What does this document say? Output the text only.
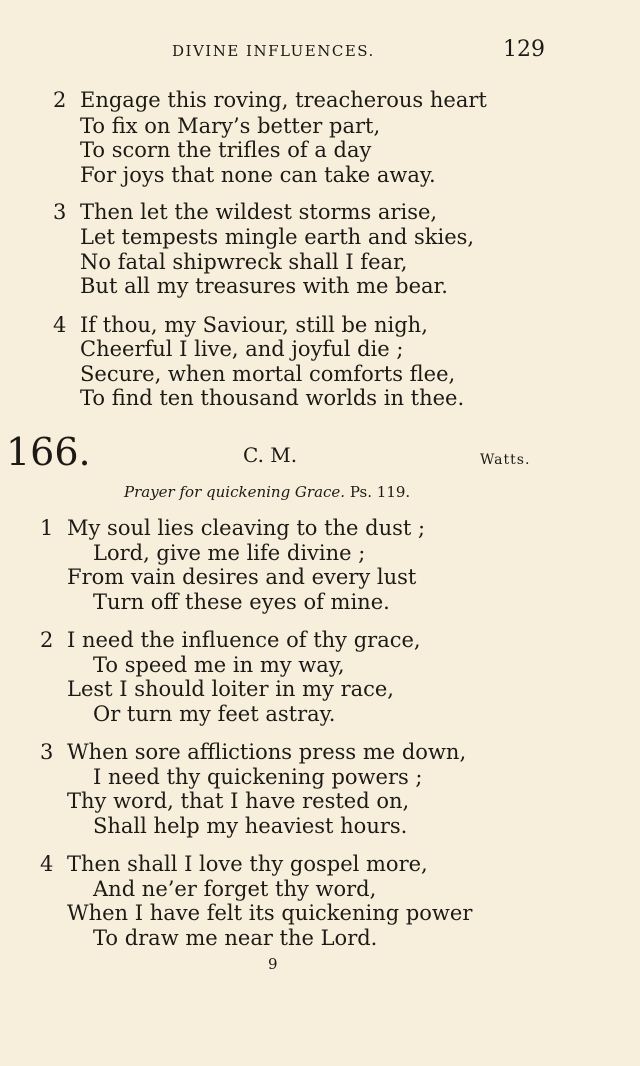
DIVINE INFLUENCES.	129
2 Engage this roving, treacherous heart
To fix on Mary’s better part,
To scorn the trifles of a day
For joys that none can take away.
3 Then let the wildest storms arise,
Let tempests mingle earth and skies,
No fatal shipwreck shall I fear,
But all my treasures with me bear.
4 If thou, my Saviour, still be nigh,
Cheerful I live, and joyful die ;
Secure, when mortal comforts flee,
To find ten thousand worlds in thee.
166.	C. M.	Watts.
Prayer for quickening Grace. Ps. 119.
1 My soul lies cleaving to the dust ;
Lord, give me life divine ;
From vain desires and every lust
Turn off these eyes of mine.
2 I need the influence of thy grace,
To speed me in my way,
Lest I should loiter in my race,
Or turn my feet astray.
3 When sore afflictions press me down,
I need thy quickening powers ;
Thy word, that I have rested on,
Shall help my heaviest hours.
4 Then shall I love thy gospel more,
And ne’er forget thy word,
When I have felt its quickening power
To draw me near the Lord.
9
